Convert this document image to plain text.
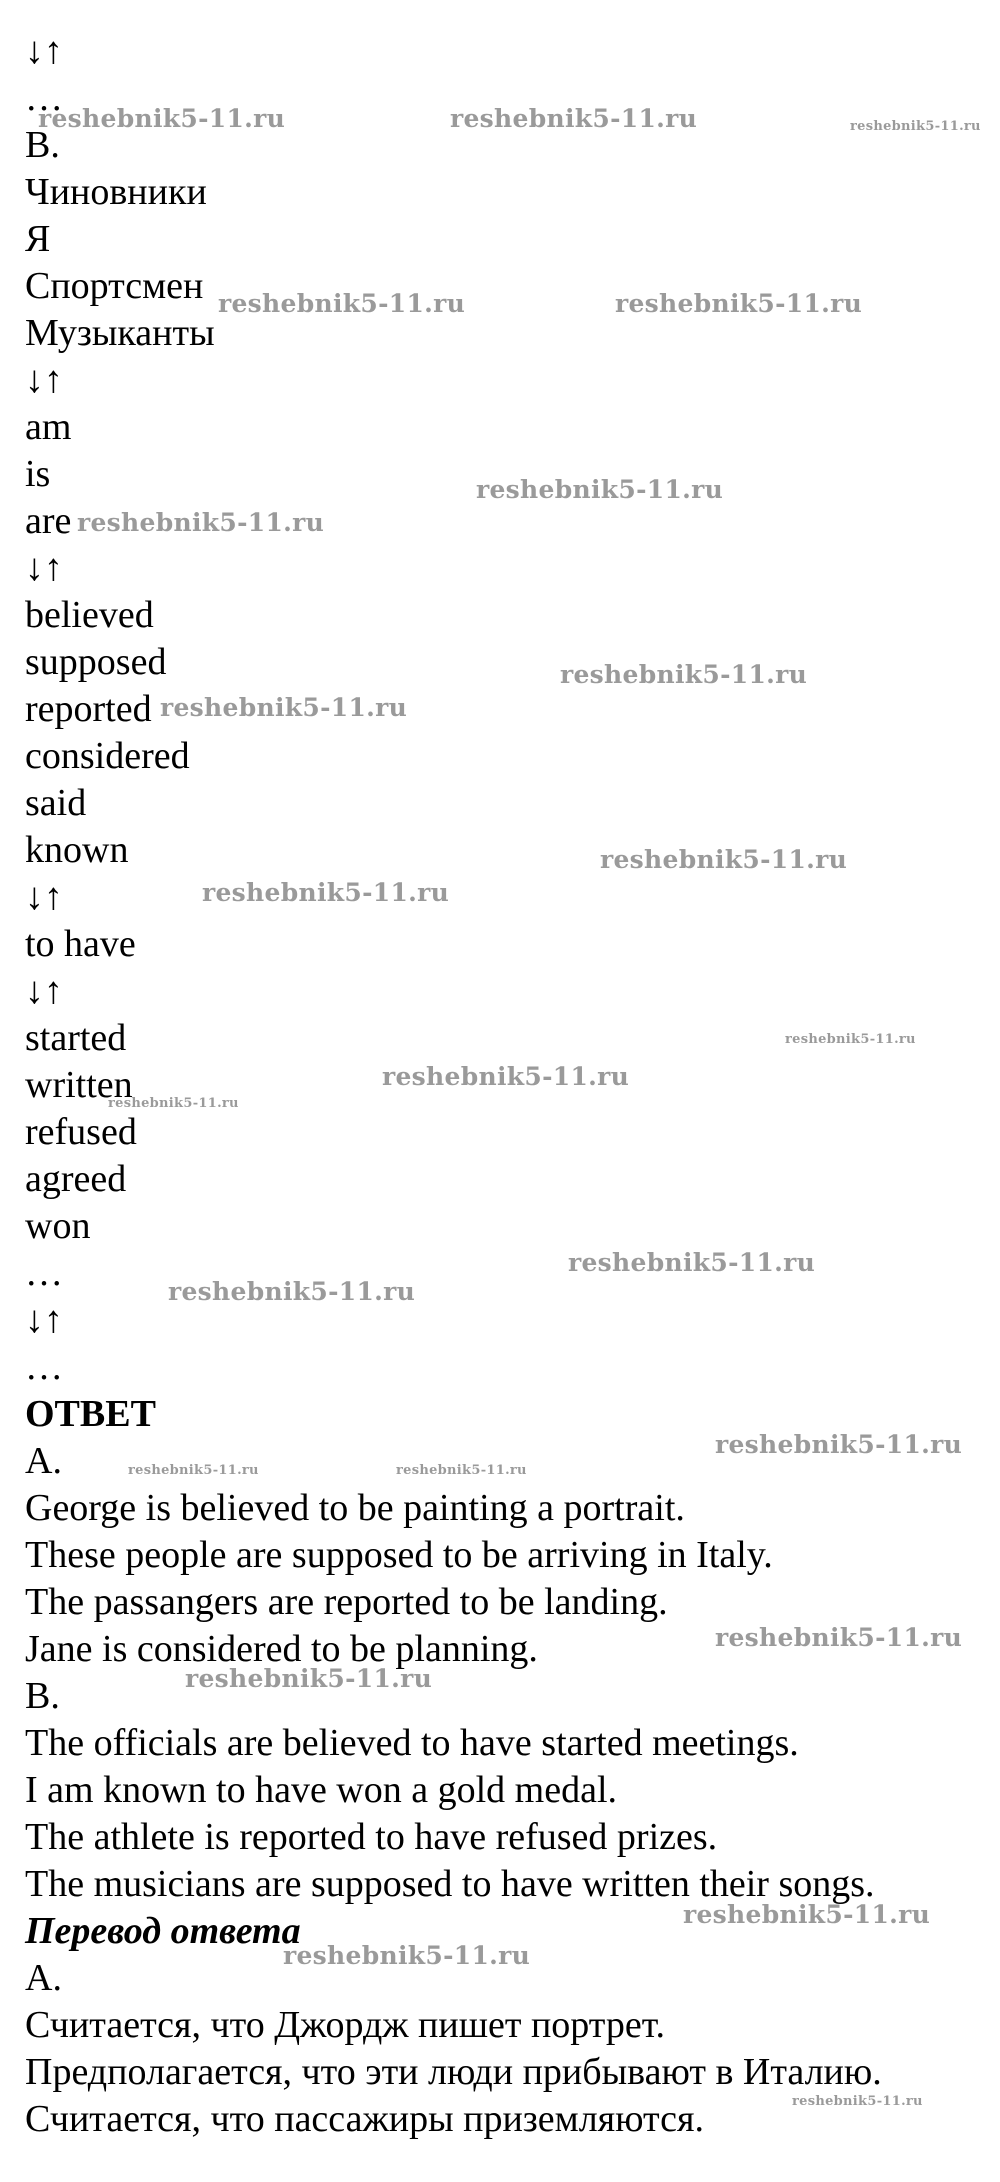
↓↑
…
B.
Чиновники
Я
Спортсмен
Музыканты
↓↑
am
is
are
↓↑
believed
supposed
reported
considered
said
known
↓↑
to have
↓↑
started
written
refused
agreed
won
…
↓↑
…
ОТВЕТ
A.
George is believed to be painting a portrait.
These people are supposed to be arriving in Italy.
The passangers are reported to be landing.
Jane is considered to be planning.
B.
The officials are believed to have started meetings.
I am known to have won a gold medal.
The athlete is reported to have refused prizes.
The musicians are supposed to have written their songs.
Перевод ответа
A.
Считается, что Джордж пишет портрет.
Предполагается, что эти люди прибывают в Италию.
Считается, что пассажиры приземляются.
reshebnik5-11.ru	reshebnik5-11.ru	reshebnik5-11.ru
reshebnik5-11.ru	reshebnik5-11.ru
reshebnik5-11.ru
reshebnik5-11.ru
reshebnik5-11.ru
reshebnik5-11.ru
reshebnik5-11.ru
reshebnik5-11.ru
reshebnik5-11.ru
reshebnik5-11.ru
reshebnik5-11.ru
reshebnik5-11.ru
reshebnik5-11.ru
reshebnik5-11.ru
reshebnik5-11.ru	reshebnik5-11.ru
reshebnik5-11.ru
reshebnik5-11.ru
reshebnik5-11.ru
reshebnik5-11.ru
reshebnik5-11.ru
